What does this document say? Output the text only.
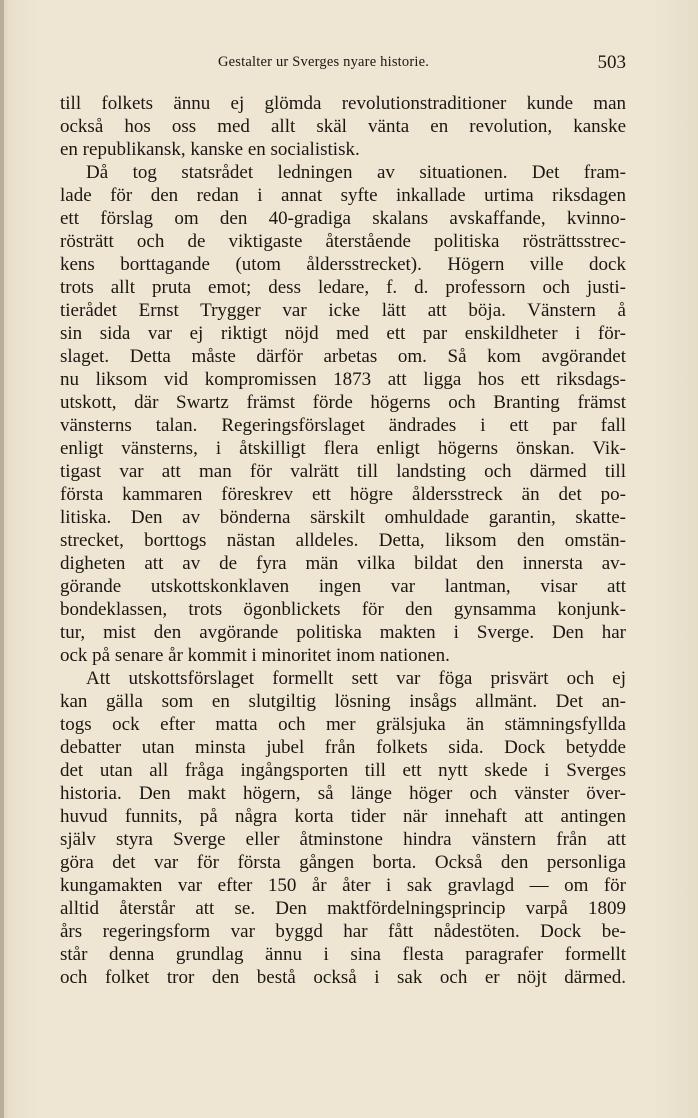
Gestalter ur Sverges nyare historie.	503
till folkets ännu ej glömda revolutionstraditioner kunde man
också hos oss med allt skäl vänta en revolution, kanske
en republikansk, kanske en socialistisk.
Då tog statsrådet ledningen av situationen. Det fram-
lade för den redan i annat syfte inkallade urtima riksdagen
ett förslag om den 40-gradiga skalans avskaffande, kvinno-
rösträtt och de viktigaste återstående politiska rösträttsstrec-
kens borttagande (utom åldersstrecket). Högern ville dock
trots allt pruta emot; dess ledare, f. d. professorn och justi-
tierådet Ernst Trygger var icke lätt att böja. Vänstern å
sin sida var ej riktigt nöjd med ett par enskildheter i för-
slaget. Detta måste därför arbetas om. Så kom avgörandet
nu liksom vid kompromissen 1873 att ligga hos ett riksdags-
utskott, där Swartz främst förde högerns och Branting främst
vänsterns talan. Regeringsförslaget ändrades i ett par fall
enligt vänsterns, i åtskilligt flera enligt högerns önskan. Vik-
tigast var att man för valrätt till landsting och därmed till
första kammaren föreskrev ett högre åldersstreck än det po-
litiska. Den av bönderna särskilt omhuldade garantin, skatte-
strecket, borttogs nästan alldeles. Detta, liksom den omstän-
digheten att av de fyra män vilka bildat den innersta av-
görande utskottskonklaven ingen var lantman, visar att
bondeklassen, trots ögonblickets för den gynsamma konjunk-
tur, mist den avgörande politiska makten i Sverge. Den har
ock på senare år kommit i minoritet inom nationen.
Att utskottsförslaget formellt sett var föga prisvärt och ej
kan gälla som en slutgiltig lösning insågs allmänt. Det an-
togs ock efter matta och mer grälsjuka än stämningsfyllda
debatter utan minsta jubel från folkets sida. Dock betydde
det utan all fråga ingångsporten till ett nytt skede i Sverges
historia. Den makt högern, så länge höger och vänster över-
huvud funnits, på några korta tider när innehaft att antingen
själv styra Sverge eller åtminstone hindra vänstern från att
göra det var för första gången borta. Också den personliga
kungamakten var efter 150 år åter i sak gravlagd — om för
alltid återstår att se. Den maktfördelningsprincip varpå 1809
års regeringsform var byggd har fått nådestöten. Dock be-
står denna grundlag ännu i sina flesta paragrafer formellt
och folket tror den bestå också i sak och er nöjt därmed.
